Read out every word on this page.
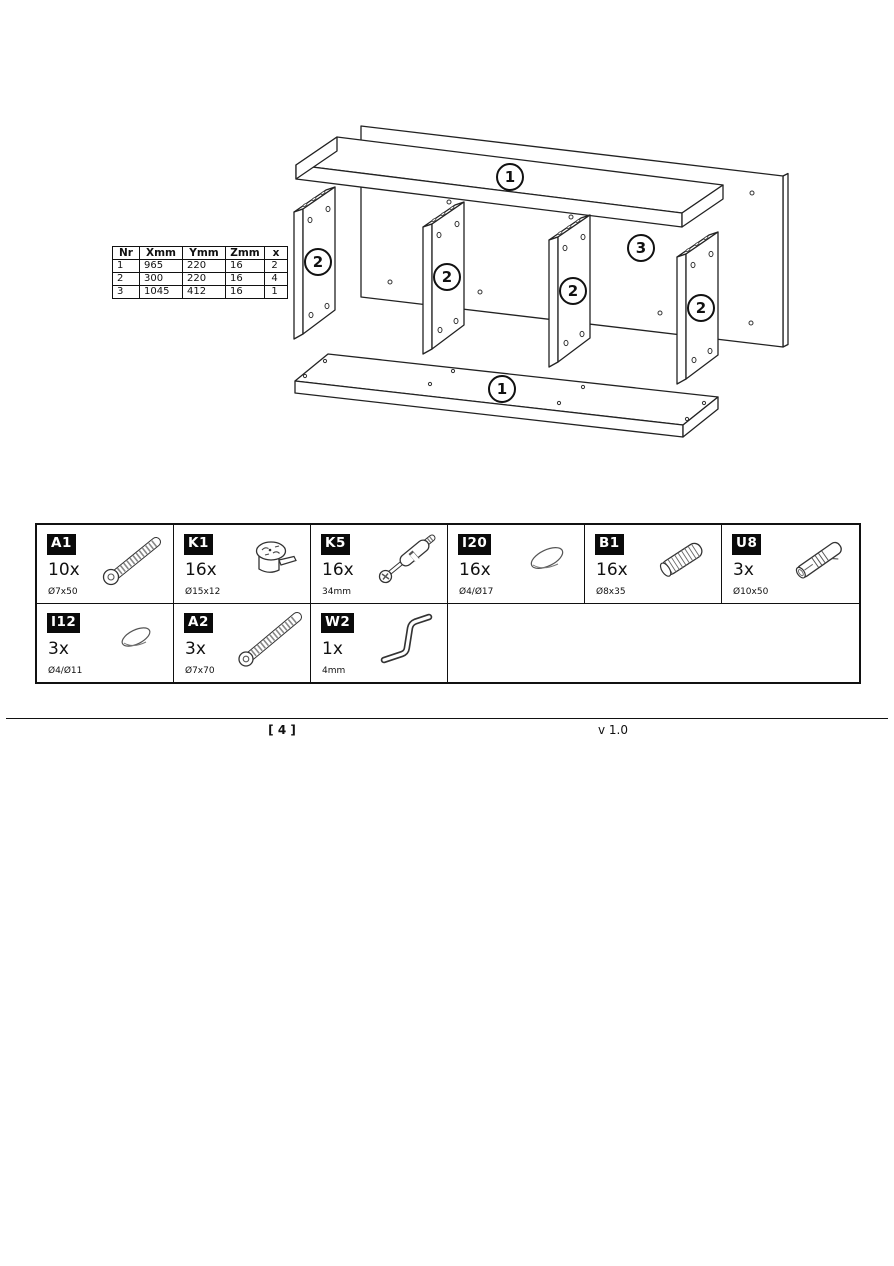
1
2
2
2
3
2
1
Nr	Xmm	Ymm	Zmm	x
1	965	220	16	2
2	300	220	16	4
3	1045	412	16	1
A1
10x
Ø7x50
K1
16x
Ø15x12
K5
16x
34mm
I20
16x
Ø4/Ø17
B1
16x
Ø8x35
U8
3x
Ø10x50
I12
3x
Ø4/Ø11
A2
3x
Ø7x70
W2
1x
4mm
[ 4 ]	v 1.0
